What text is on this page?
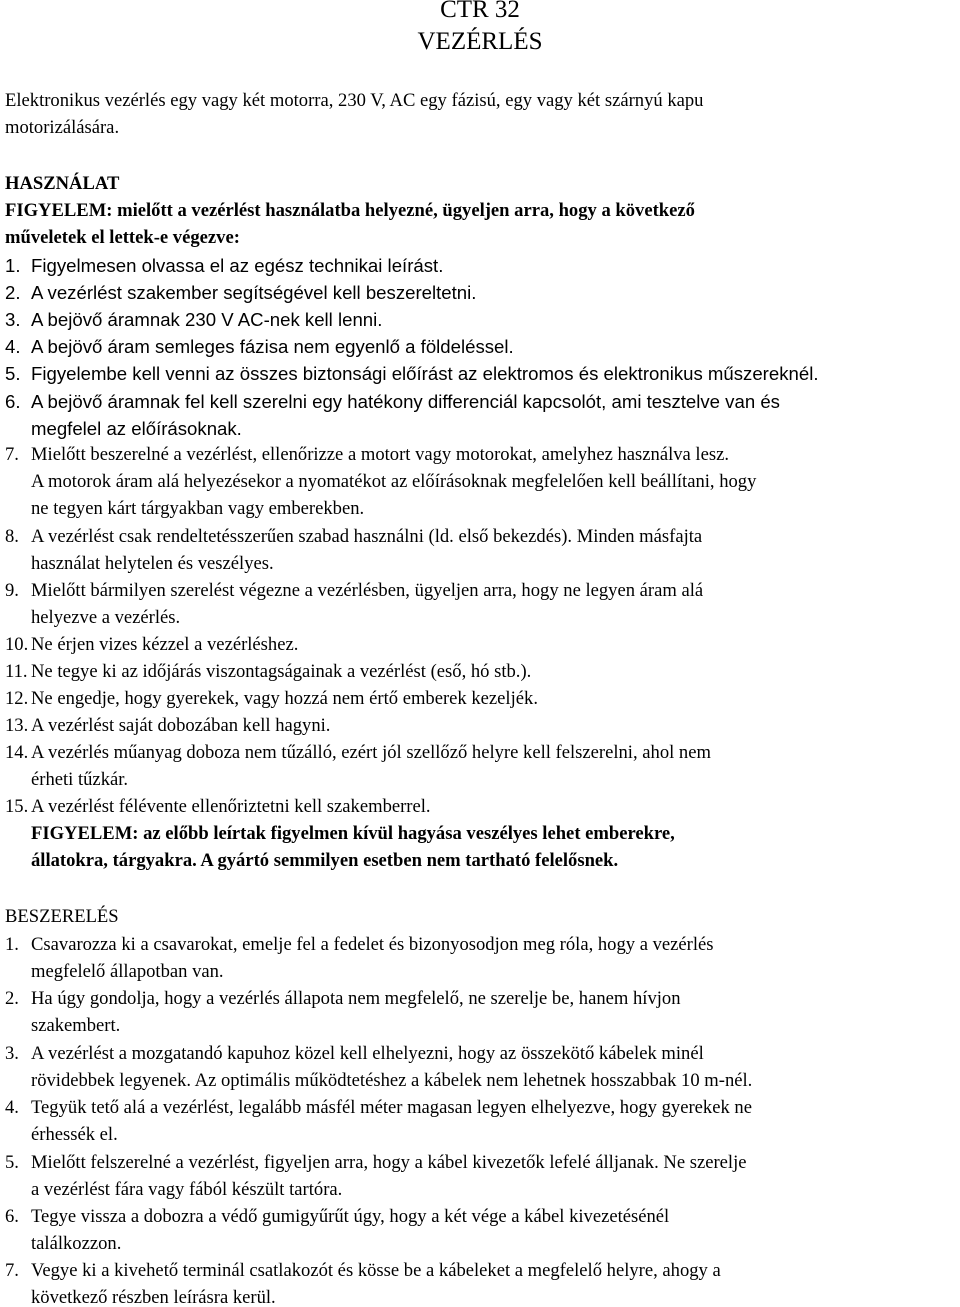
CTR 32
VEZÉRLÉS
Elektronikus vezérlés egy vagy két motorra, 230 V, AC egy fázisú, egy vagy két szárnyú kapu
motorizálására.
HASZNÁLAT
FIGYELEM: mielőtt a vezérlést használatba helyezné, ügyeljen arra, hogy a következő
műveletek el lettek-e végezve:
1. Figyelmesen olvassa el az egész technikai leírást.
2. A vezérlést szakember segítségével kell beszereltetni.
3. A bejövő áramnak 230 V AC-nek kell lenni.
4. A bejövő áram semleges fázisa nem egyenlő a földeléssel.
5. Figyelembe kell venni az összes biztonsági előírást az elektromos és elektronikus műszereknél.
6. A bejövő áramnak fel kell szerelni egy hatékony differenciál kapcsolót, ami tesztelve van és
megfelel az előírásoknak.
7. Mielőtt beszerelné a vezérlést, ellenőrizze a motort vagy motorokat, amelyhez használva lesz.
A motorok áram alá helyezésekor a nyomatékot az előírásoknak megfelelően kell beállítani, hogy
ne tegyen kárt tárgyakban vagy emberekben.
8. A vezérlést csak rendeltetésszerűen szabad használni (ld. első bekezdés). Minden másfajta
használat helytelen és veszélyes.
9. Mielőtt bármilyen szerelést végezne a vezérlésben, ügyeljen arra, hogy ne legyen áram alá
helyezve a vezérlés.
10. Ne érjen vizes kézzel a vezérléshez.
11. Ne tegye ki az időjárás viszontagságainak a vezérlést (eső, hó stb.).
12. Ne engedje, hogy gyerekek, vagy hozzá nem értő emberek kezeljék.
13. A vezérlést saját dobozában kell hagyni.
14. A vezérlés műanyag doboza nem tűzálló, ezért jól szellőző helyre kell felszerelni, ahol nem
érheti tűzkár.
15. A vezérlést félévente ellenőriztetni kell szakemberrel.
FIGYELEM: az előbb leírtak figyelmen kívül hagyása veszélyes lehet emberekre,
állatokra, tárgyakra. A gyártó semmilyen esetben nem tartható felelősnek.
BESZERELÉS
1. Csavarozza ki a csavarokat, emelje fel a fedelet és bizonyosodjon meg róla, hogy a vezérlés
megfelelő állapotban van.
2. Ha úgy gondolja, hogy a vezérlés állapota nem megfelelő, ne szerelje be, hanem hívjon
szakembert.
3. A vezérlést a mozgatandó kapuhoz közel kell elhelyezni, hogy az összekötő kábelek minél
rövidebbek legyenek. Az optimális működtetéshez a kábelek nem lehetnek hosszabbak 10 m-nél.
4. Tegyük tető alá a vezérlést, legalább másfél méter magasan legyen elhelyezve, hogy gyerekek ne
érhessék el.
5. Mielőtt felszerelné a vezérlést, figyeljen arra, hogy a kábel kivezetők lefelé álljanak. Ne szerelje
a vezérlést fára vagy fából készült tartóra.
6. Tegye vissza a dobozra a védő gumigyűrűt úgy, hogy a két vége a kábel kivezetésénél
találkozzon.
7. Vegye ki a kivehető terminál csatlakozót és kösse be a kábeleket a megfelelő helyre, ahogy a
következő részben leírásra kerül.
